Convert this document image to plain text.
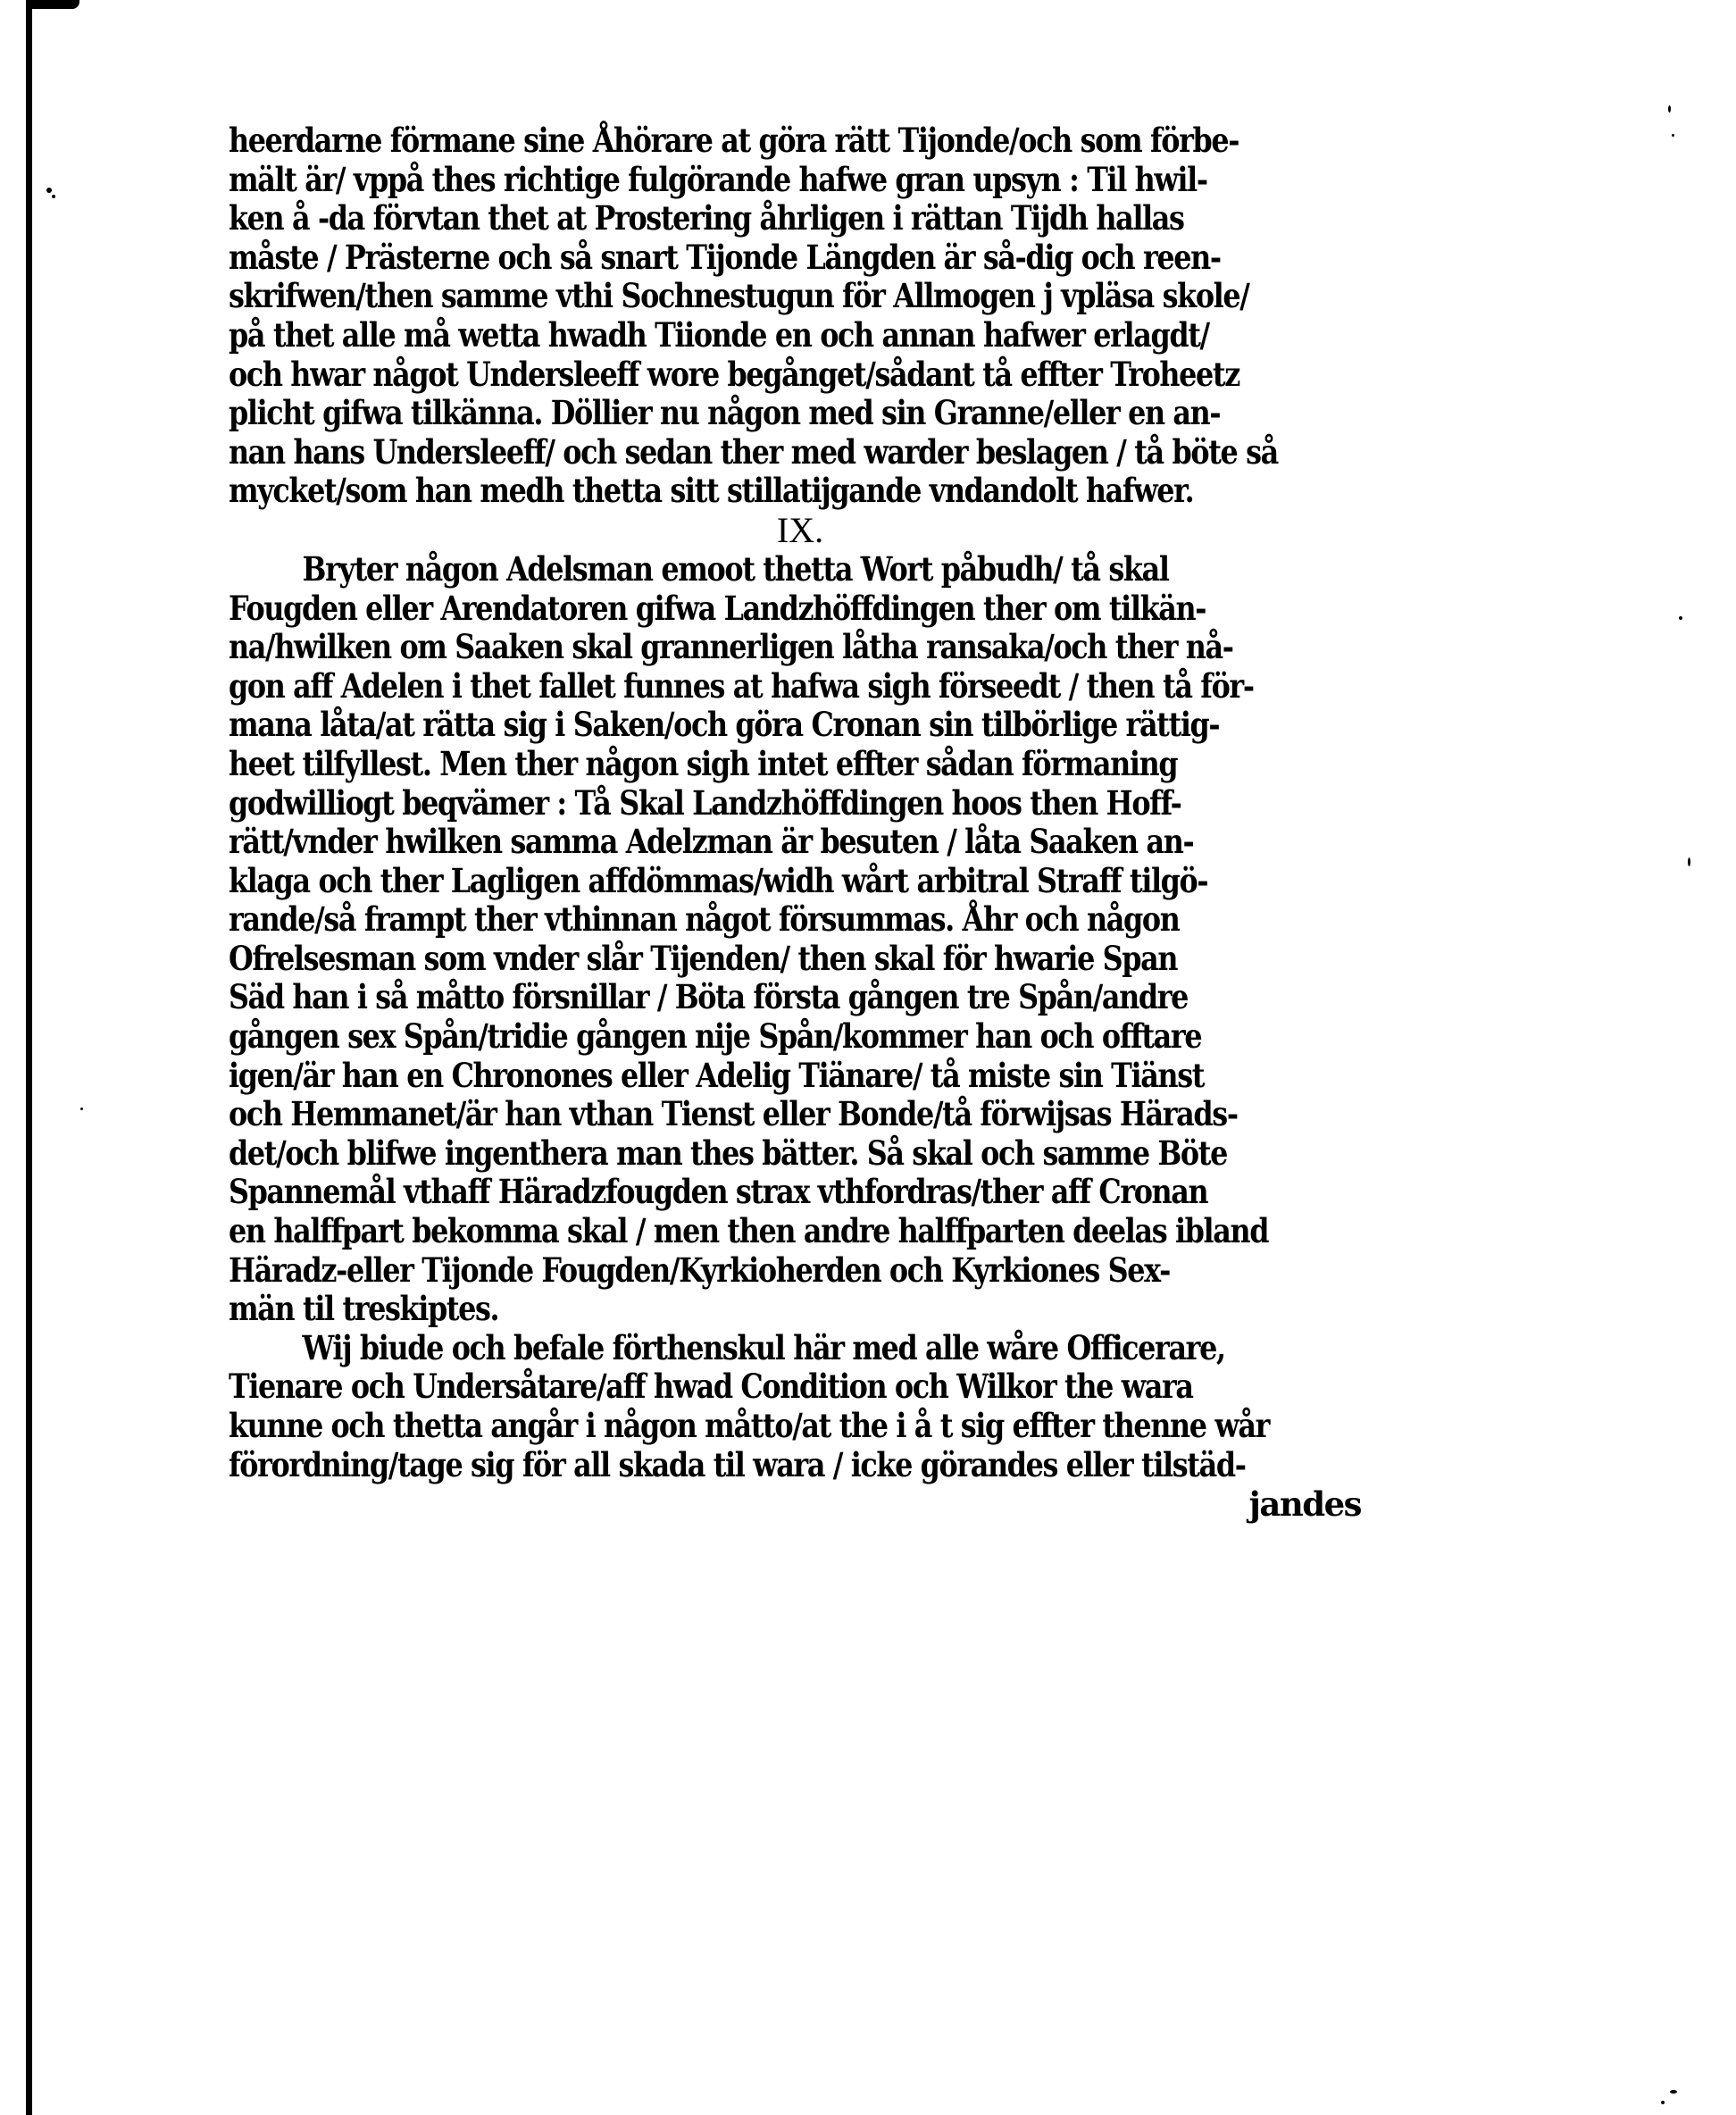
heerdarne förmane sine Åhörare at göra rätt Tijonde/och som förbe-
mält är/ vppå thes richtige fulgörande hafwe gran upsyn : Til hwil-
ken å -da förvtan thet at Prostering åhrligen i rättan Tijdh hallas
måste / Prästerne och så snart Tijonde Längden är så-dig och reen-
skrifwen/then samme vthi Sochnestugun för Allmogen j vpläsa skole/
på thet alle må wetta hwadh Tiionde en och annan hafwer erlagdt/
och hwar något Undersleeff wore begånget/sådant tå effter Troheetz
plicht gifwa tilkänna. Döllier nu någon med sin Granne/eller en an-
nan hans Undersleeff/ och sedan ther med warder beslagen / tå böte så
mycket/som han medh thetta sitt stillatijgande vndandolt hafwer.
IX.
Bryter någon Adelsman emoot thetta Wort påbudh/ tå skal
Fougden eller Arendatoren gifwa Landzhöffdingen ther om tilkän-
na/hwilken om Saaken skal grannerligen låtha ransaka/och ther nå-
gon aff Adelen i thet fallet funnes at hafwa sigh förseedt / then tå för-
mana låta/at rätta sig i Saken/och göra Cronan sin tilbörlige rättig-
heet tilfyllest. Men ther någon sigh intet effter sådan förmaning
godwilliogt beqvämer : Tå Skal Landzhöffdingen hoos then Hoff-
rätt/vnder hwilken samma Adelzman är besuten / låta Saaken an-
klaga och ther Lagligen affdömmas/widh wårt arbitral Straff tilgö-
rande/så frampt ther vthinnan något försummas. Åhr och någon
Ofrelsesman som vnder slår Tijenden/ then skal för hwarie Span
Säd han i så måtto försnillar / Böta första gången tre Spån/andre
gången sex Spån/tridie gången nije Spån/kommer han och offtare
igen/är han en Chronones eller Adelig Tiänare/ tå miste sin Tiänst
och Hemmanet/är han vthan Tienst eller Bonde/tå förwijsas Härads-
det/och blifwe ingenthera man thes bätter. Så skal och samme Böte
Spannemål vthaff Häradzfougden strax vthfordras/ther aff Cronan
en halffpart bekomma skal / men then andre halffparten deelas ibland
Häradz-eller Tijonde Fougden/Kyrkioherden och Kyrkiones Sex-
män til treskiptes.
Wij biude och befale förthenskul här med alle wåre Officerare,
Tienare och Undersåtare/aff hwad Condition och Wilkor the wara
kunne och thetta angår i någon måtto/at the i å t sig effter thenne wår
förordning/tage sig för all skada til wara / icke görandes eller tilstäd-
jandes
